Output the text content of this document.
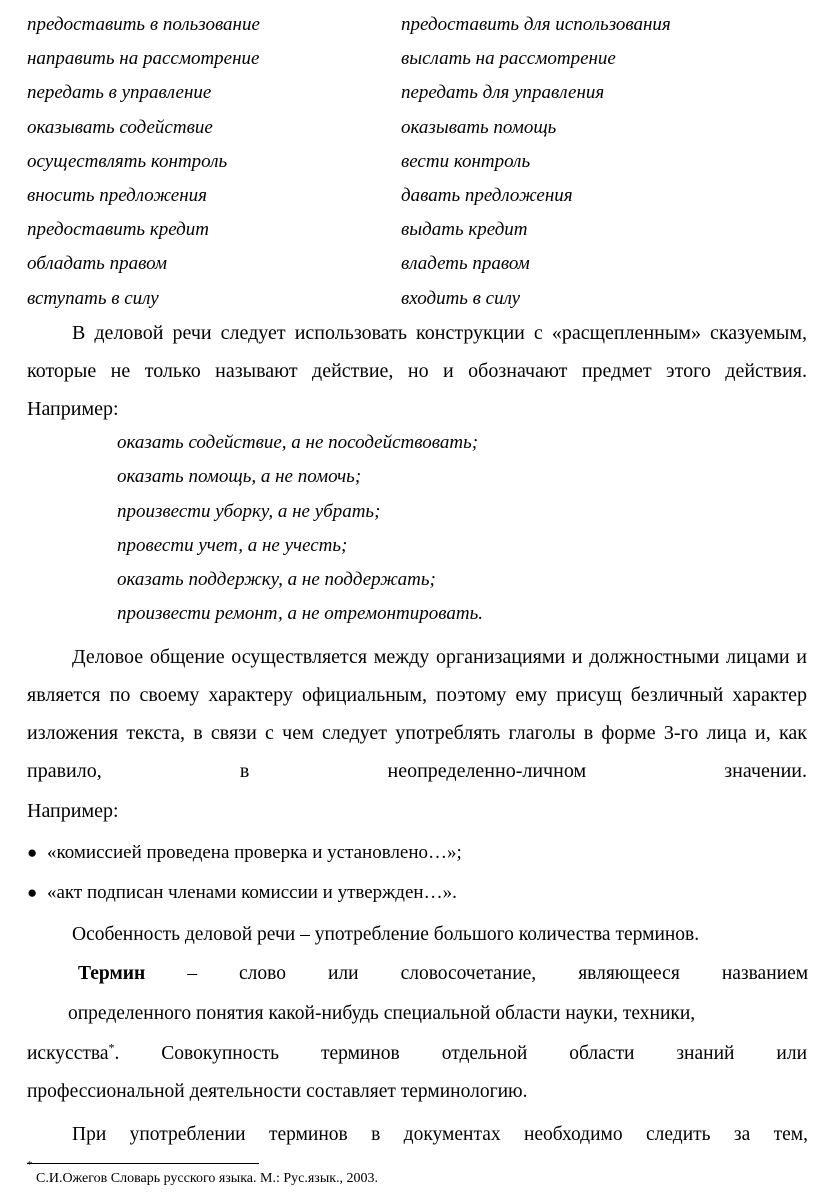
предоставить в пользование	предоставить для использования
направить на рассмотрение	выслать на рассмотрение
передать в управление	передать для управления
оказывать содействие	оказывать помощь
осуществлять контроль	вести контроль
вносить предложения	давать предложения
предоставить кредит	выдать кредит
обладать правом	владеть правом
вступать в силу	входить в силу

В деловой речи следует использовать конструкции с «расщепленным» сказуемым, которые не только называют действие, но и обозначают предмет этого действия. Например:

оказать содействие, а не посодействовать;
оказать помощь, а не помочь;
произвести уборку, а не убрать;
провести учет, а не учесть;
оказать поддержку, а не поддержать;
произвести ремонт, а не отремонтировать.

Деловое общение осуществляется между организациями и должностными лицами и является по своему характеру официальным, поэтому ему присущ безличный характер изложения текста, в связи с чем следует употреблять глаголы в форме 3-го лица и, как правило, в неопределенно-личном значении.

Например:
● «комиссией проведена проверка и установлено…»;
● «акт подписан членами комиссии и утвержден…».
Особенность деловой речи – употребление большого количества терминов.
Термин – слово или словосочетание, являющееся названием
определенного понятия какой-нибудь специальной области науки, техники,
искусства*. Совокупность терминов отдельной области знаний или
профессиональной деятельности составляет терминологию.
При употреблении терминов в документах необходимо следить за тем,
*
С.И.Ожегов Словарь русского языка. М.: Рус.язык., 2003.
